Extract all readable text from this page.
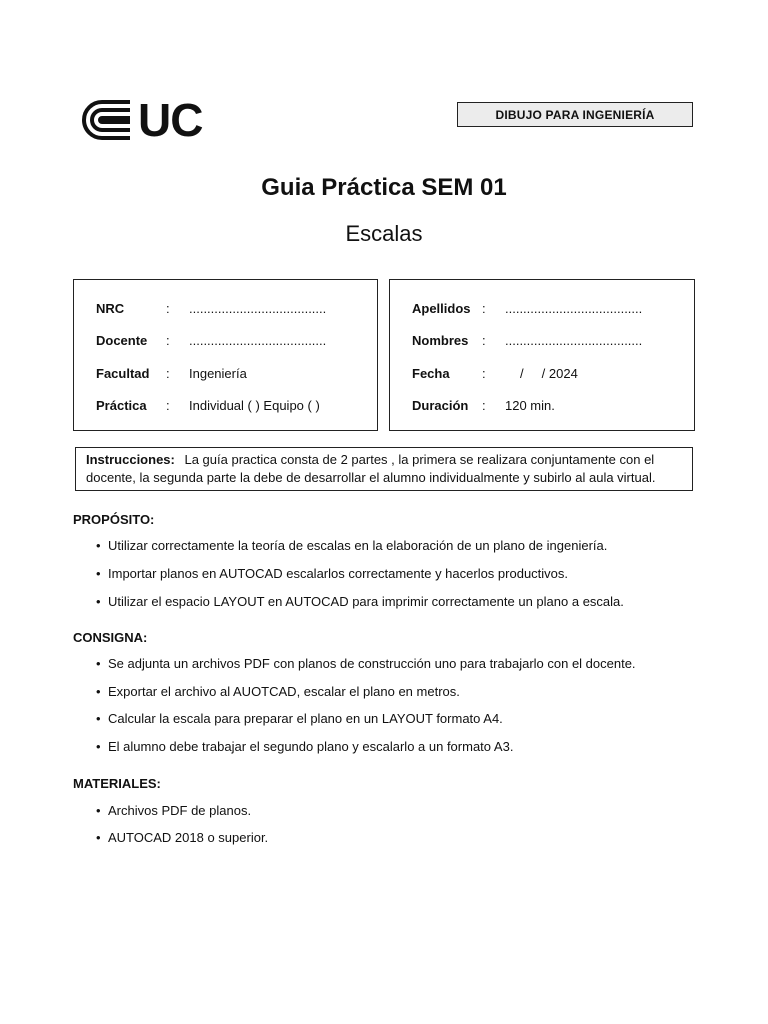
UC	DIBUJO PARA INGENIERÍA
Guia Práctica SEM 01
Escalas
NRC	: ......................................
Docente : ......................................
Facultad : Ingeniería
Práctica : Individual ( ) Equipo ( )
Apellidos : ......................................
Nombres : ......................................
Fecha :	/     / 2024
Duración : 120 min.
Instrucciones: La guía practica consta de 2 partes , la primera se realizara conjuntamente con el docente, la segunda parte la debe de desarrollar el alumno individualmente y subirlo al aula virtual.
PROPÓSITO:
• Utilizar correctamente la teoría de escalas en la elaboración de un plano de ingeniería.
• Importar planos en AUTOCAD escalarlos correctamente y hacerlos productivos.
• Utilizar el espacio LAYOUT en AUTOCAD para imprimir correctamente un plano a escala.
CONSIGNA:
• Se adjunta un archivos PDF con planos de construcción uno para trabajarlo con el docente.
• Exportar el archivo al AUOTCAD, escalar el plano en metros.
• Calcular la escala para preparar el plano en un LAYOUT formato A4.
• El alumno debe trabajar el segundo plano y escalarlo a un formato A3.
MATERIALES:
• Archivos PDF de planos.
• AUTOCAD 2018 o superior.
